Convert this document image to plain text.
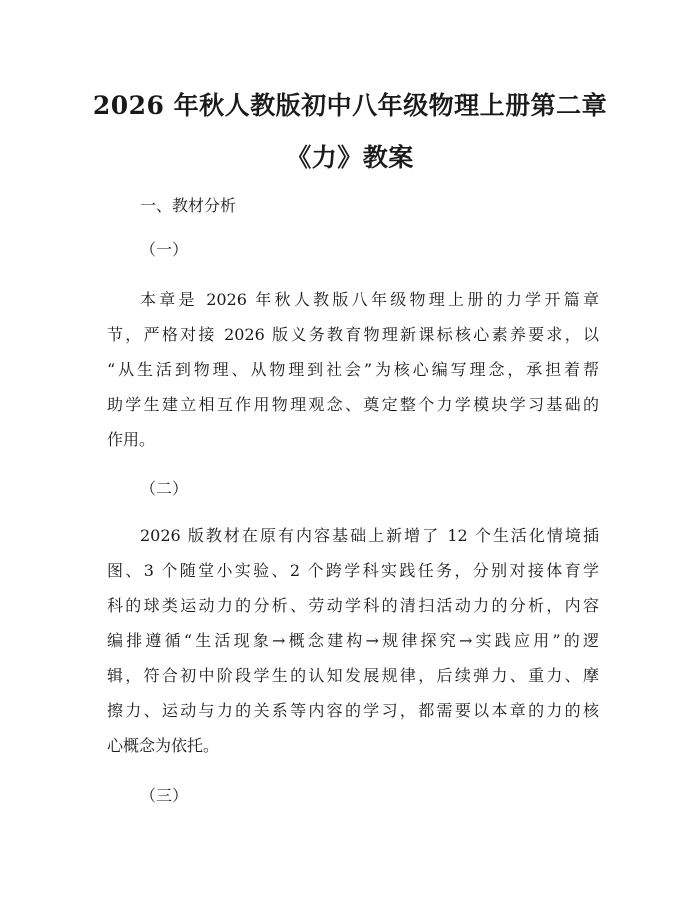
2026 年秋人教版初中八年级物理上册第二章
《力》教案

一、教材分析

（一）

本章是 2026 年秋人教版八年级物理上册的力学开篇章

节，严格对接 2026 版义务教育物理新课标核心素养要求，以

“从生活到物理、从物理到社会”为核心编写理念，承担着帮

助学生建立相互作用物理观念、奠定整个力学模块学习基础的

作用。

（二）

2026 版教材在原有内容基础上新增了 12 个生活化情境插

图、3 个随堂小实验、2 个跨学科实践任务，分别对接体育学

科的球类运动力的分析、劳动学科的清扫活动力的分析，内容

编排遵循“生活现象→概念建构→规律探究→实践应用”的逻

辑，符合初中阶段学生的认知发展规律，后续弹力、重力、摩

擦力、运动与力的关系等内容的学习，都需要以本章的力的核

心概念为依托。

（三）
